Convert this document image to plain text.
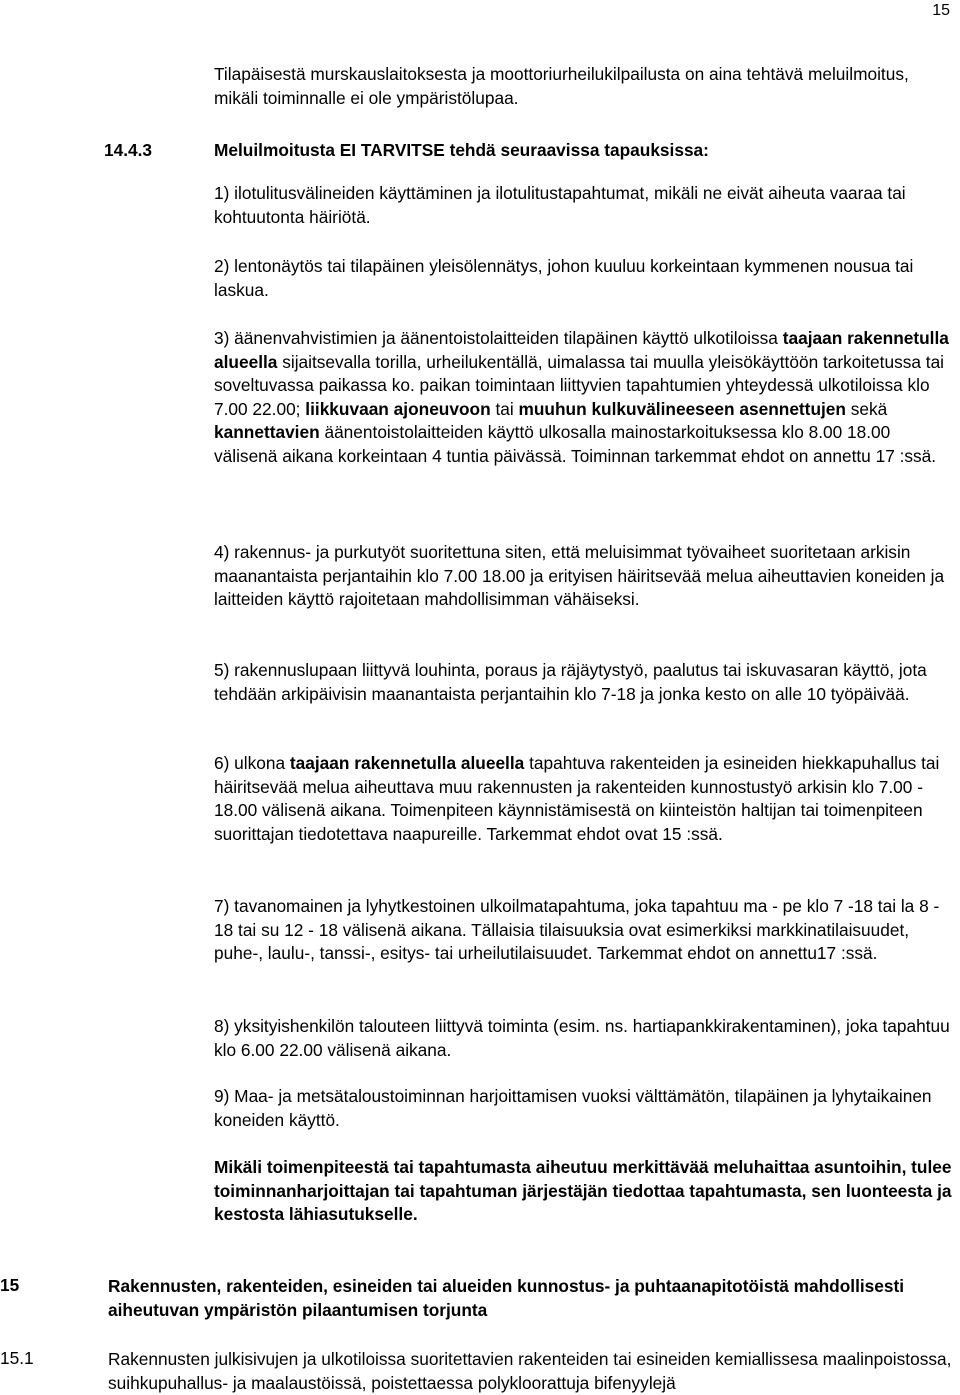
15
Tilapäisestä murskauslaitoksesta ja moottoriurheilukilpailusta on aina tehtävä meluilmoitus, mikäli toiminnalle ei ole ympäristölupaa.
14.4.3	Meluilmoitusta EI TARVITSE tehdä seuraavissa tapauksissa:
1) ilotulitusvälineiden käyttäminen ja ilotulitustapahtumat, mikäli ne eivät aiheuta vaaraa tai kohtuutonta häiriötä.
2) lentonäytös tai tilapäinen yleisölennätys, johon kuuluu korkeintaan kymmenen nousua tai laskua.
3) äänenvahvistimien ja äänentoistolaitteiden tilapäinen käyttö ulkotiloissa taajaan rakennetulla alueella sijaitsevalla torilla, urheilukentällä, uimalassa tai muulla yleisökäyttöön tarkoitetussa tai soveltuvassa paikassa ko. paikan toimintaan liittyvien tapahtumien yhteydessä ulkotiloissa klo 7.00 22.00; liikkuvaan ajoneuvoon tai muuhun kulkuvälineeseen asennettujen sekä kannettavien äänentoistolaitteiden käyttö ulkosalla mainostarkoituksessa klo 8.00 18.00 välisenä aikana korkeintaan 4 tuntia päivässä. Toiminnan tarkemmat ehdot on annettu 17 :ssä.
4) rakennus- ja purkutyöt suoritettuna siten, että meluisimmat työvaiheet suoritetaan arkisin maanantaista perjantaihin klo 7.00 18.00 ja erityisen häiritsevää melua aiheuttavien koneiden ja laitteiden käyttö rajoitetaan mahdollisimman vähäiseksi.
5) rakennuslupaan liittyvä louhinta, poraus ja räjäytystyö, paalutus tai iskuvasaran käyttö, jota tehdään arkipäivisin maanantaista perjantaihin klo 7-18 ja jonka kesto on alle 10 työpäivää.
6) ulkona taajaan rakennetulla alueella tapahtuva rakenteiden ja esineiden hiekkapuhallus tai häiritsevää melua aiheuttava muu rakennusten ja rakenteiden kunnostustyö arkisin klo 7.00 - 18.00 välisenä aikana. Toimenpiteen käynnistämisestä on kiinteistön haltijan tai toimenpiteen suorittajan tiedotettava naapureille. Tarkemmat ehdot ovat 15 :ssä.
7) tavanomainen ja lyhytkestoinen ulkoilmatapahtuma, joka tapahtuu ma - pe klo 7 -18 tai la 8 - 18 tai su 12 - 18 välisenä aikana. Tällaisia tilaisuuksia ovat esimerkiksi markkinatilaisuudet, puhe-, laulu-, tanssi-, esitys- tai urheilutilaisuudet. Tarkemmat ehdot on annettu17 :ssä.
8) yksityishenkilön talouteen liittyvä toiminta (esim. ns. hartiapankkirakentaminen), joka tapahtuu klo 6.00 22.00 välisenä aikana.
9) Maa- ja metsätaloustoiminnan harjoittamisen vuoksi välttämätön, tilapäinen ja lyhytaikainen koneiden käyttö.
Mikäli toimenpiteestä tai tapahtumasta aiheutuu merkittävää meluhaittaa asuntoihin, tulee toiminnanharjoittajan tai tapahtuman järjestäjän tiedottaa tapahtumasta, sen luonteesta ja kestosta lähiasutukselle.
15	Rakennusten, rakenteiden, esineiden tai alueiden kunnostus- ja puhtaanapitotöistä mahdollisesti aiheutuvan ympäristön pilaantumisen torjunta
15.1	Rakennusten julkisivujen ja ulkotiloissa suoritettavien rakenteiden tai esineiden kemiallissesa maalinpoistossa, suihkupuhallus- ja maalaustöissä, poistettaessa polykloorattuja bifenyylejä
